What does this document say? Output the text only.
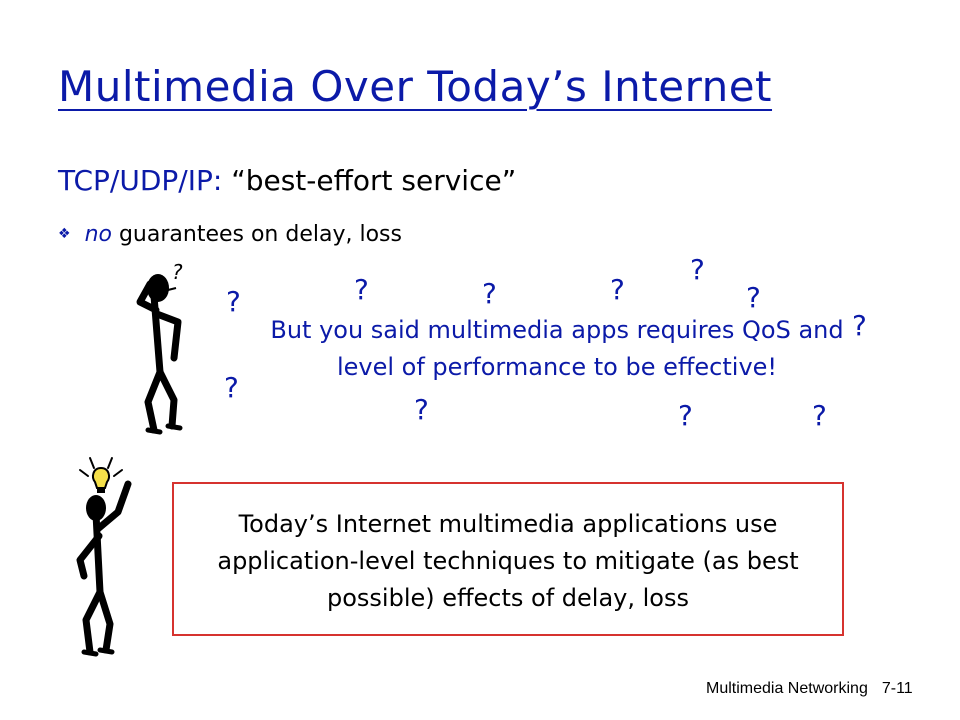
Multimedia Over Today’s Internet
TCP/UDP/IP: “best-effort service”
❖ no guarantees on delay, loss
?
?	?	?	?
?
?
?
?
?	?	?
But you said multimedia apps requires QoS and level of performance to be effective!
Today’s Internet multimedia applications use application-level techniques to mitigate (as best possible) effects of delay, loss
Multimedia Networking 7-11
